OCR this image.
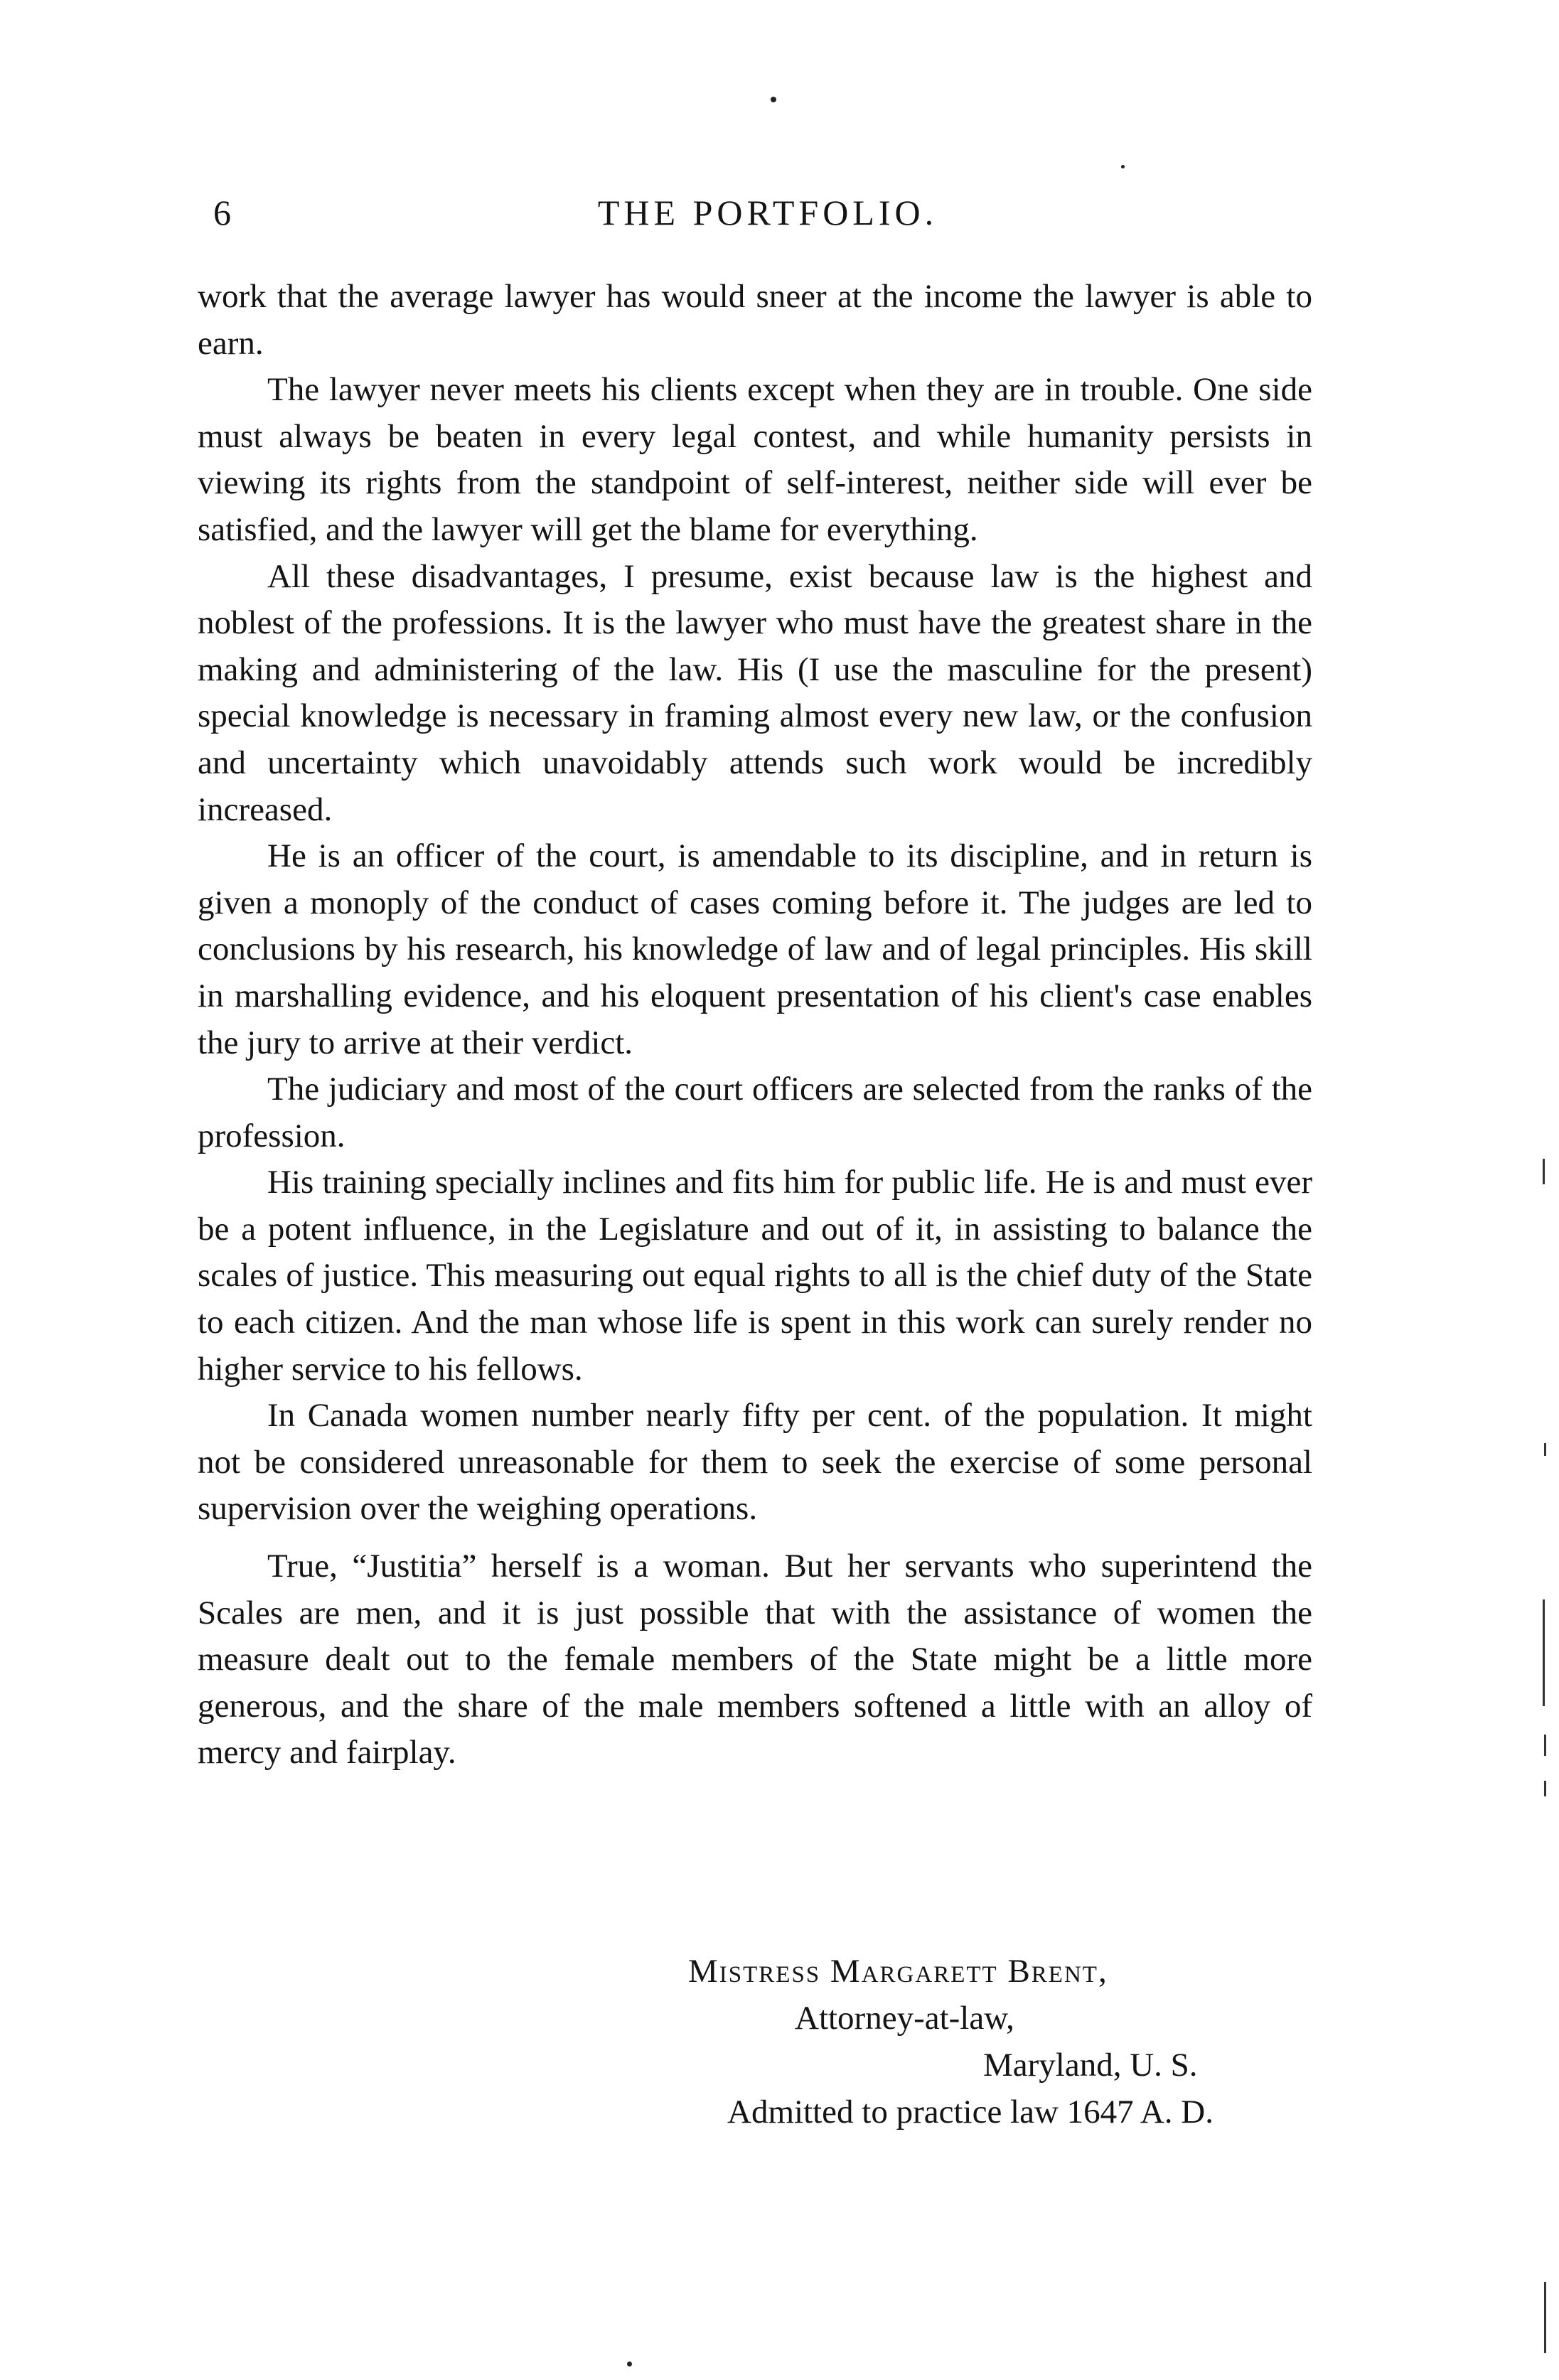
6	THE PORTFOLIO.

work that the average lawyer has would sneer at the income the lawyer is able to earn.

The lawyer never meets his clients except when they are in trouble. One side must always be beaten in every legal contest, and while humanity persists in viewing its rights from the standpoint of self-interest, neither side will ever be satisfied, and the lawyer will get the blame for everything.

All these disadvantages, I presume, exist because law is the highest and noblest of the professions. It is the lawyer who must have the greatest share in the making and administering of the law. His (I use the masculine for the present) special knowledge is necessary in framing almost every new law, or the confusion and uncertainty which unavoidably attends such work would be incredibly increased.

He is an officer of the court, is amendable to its discipline, and in return is given a monoply of the conduct of cases coming before it. The judges are led to conclusions by his research, his knowledge of law and of legal principles. His skill in marshalling evidence, and his eloquent presentation of his client's case enables the jury to arrive at their verdict.

The judiciary and most of the court officers are selected from the ranks of the profession.

His training specially inclines and fits him for public life. He is and must ever be a potent influence, in the Legislature and out of it, in assisting to balance the scales of justice. This measuring out equal rights to all is the chief duty of the State to each citizen. And the man whose life is spent in this work can surely render no higher service to his fellows.

In Canada women number nearly fifty per cent. of the population. It might not be considered unreasonable for them to seek the exercise of some personal supervision over the weighing operations.

True, “Justitia” herself is a woman. But her servants who superintend the Scales are men, and it is just possible that with the assistance of women the measure dealt out to the female members of the State might be a little more generous, and the share of the male members softened a little with an alloy of mercy and fairplay.

Mistress Margarett Brent,
Attorney-at-law,
Maryland, U. S.
Admitted to practice law 1647 A. D.
